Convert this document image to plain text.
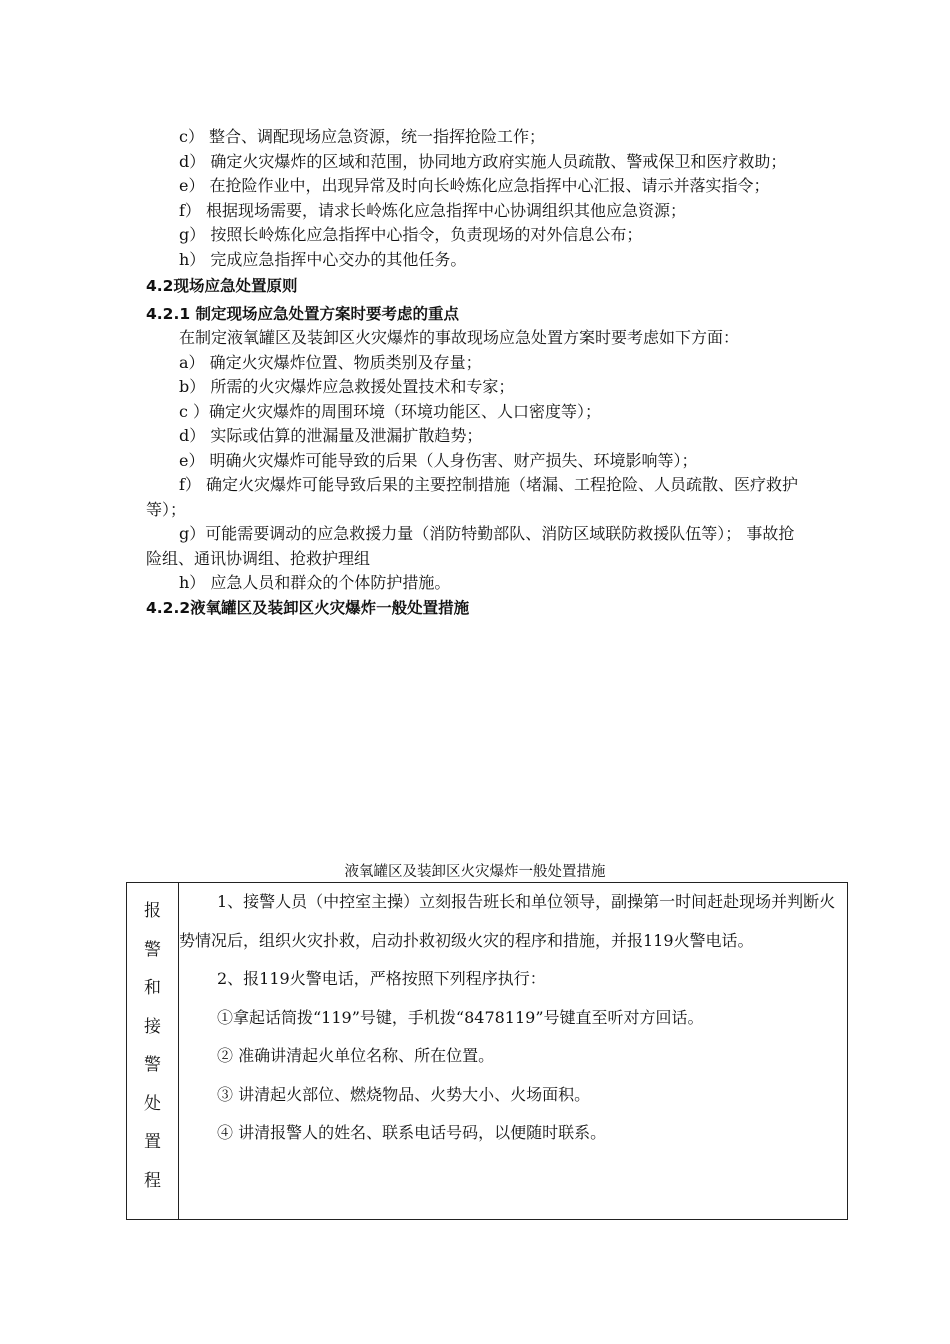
c） 整合、调配现场应急资源，统一指挥抢险工作；

d） 确定火灾爆炸的区域和范围，协同地方政府实施人员疏散、警戒保卫和医疗救助；

e） 在抢险作业中，出现异常及时向长岭炼化应急指挥中心汇报、请示并落实指令；

f） 根据现场需要，请求长岭炼化应急指挥中心协调组织其他应急资源；

g） 按照长岭炼化应急指挥中心指令，负责现场的对外信息公布；

h） 完成应急指挥中心交办的其他任务。

4.2现场应急处置原则

4.2.1 制定现场应急处置方案时要考虑的重点

在制定液氧罐区及装卸区火灾爆炸的事故现场应急处置方案时要考虑如下方面：

a） 确定火灾爆炸位置、物质类别及存量；

b） 所需的火灾爆炸应急救援处置技术和专家；

c ）确定火灾爆炸的周围环境（环境功能区、人口密度等）；

d） 实际或估算的泄漏量及泄漏扩散趋势；

e） 明确火灾爆炸可能导致的后果（人身伤害、财产损失、环境影响等）；

f） 确定火灾爆炸可能导致后果的主要控制措施（堵漏、工程抢险、人员疏散、医疗救护等）；

g）可能需要调动的应急救援力量（消防特勤部队、消防区域联防救援队伍等）； 事故抢险组、通讯协调组、抢救护理组

h） 应急人员和群众的个体防护措施。

4.2.2液氧罐区及装卸区火灾爆炸一般处置措施

液氧罐区及装卸区火灾爆炸一般处置措施
报
警
和
接
警
处
置
程

1、接警人员（中控室主操）立刻报告班长和单位领导，副操第一时间赶赴现场并判断火势情况后，组织火灾扑救，启动扑救初级火灾的程序和措施，并报119火警电话。

2、报119火警电话，严格按照下列程序执行：

①拿起话筒拨“119”号键，手机拨“8478119”号键直至听对方回话。

② 准确讲清起火单位名称、所在位置。

③ 讲清起火部位、燃烧物品、火势大小、火场面积。

④ 讲清报警人的姓名、联系电话号码，以便随时联系。
